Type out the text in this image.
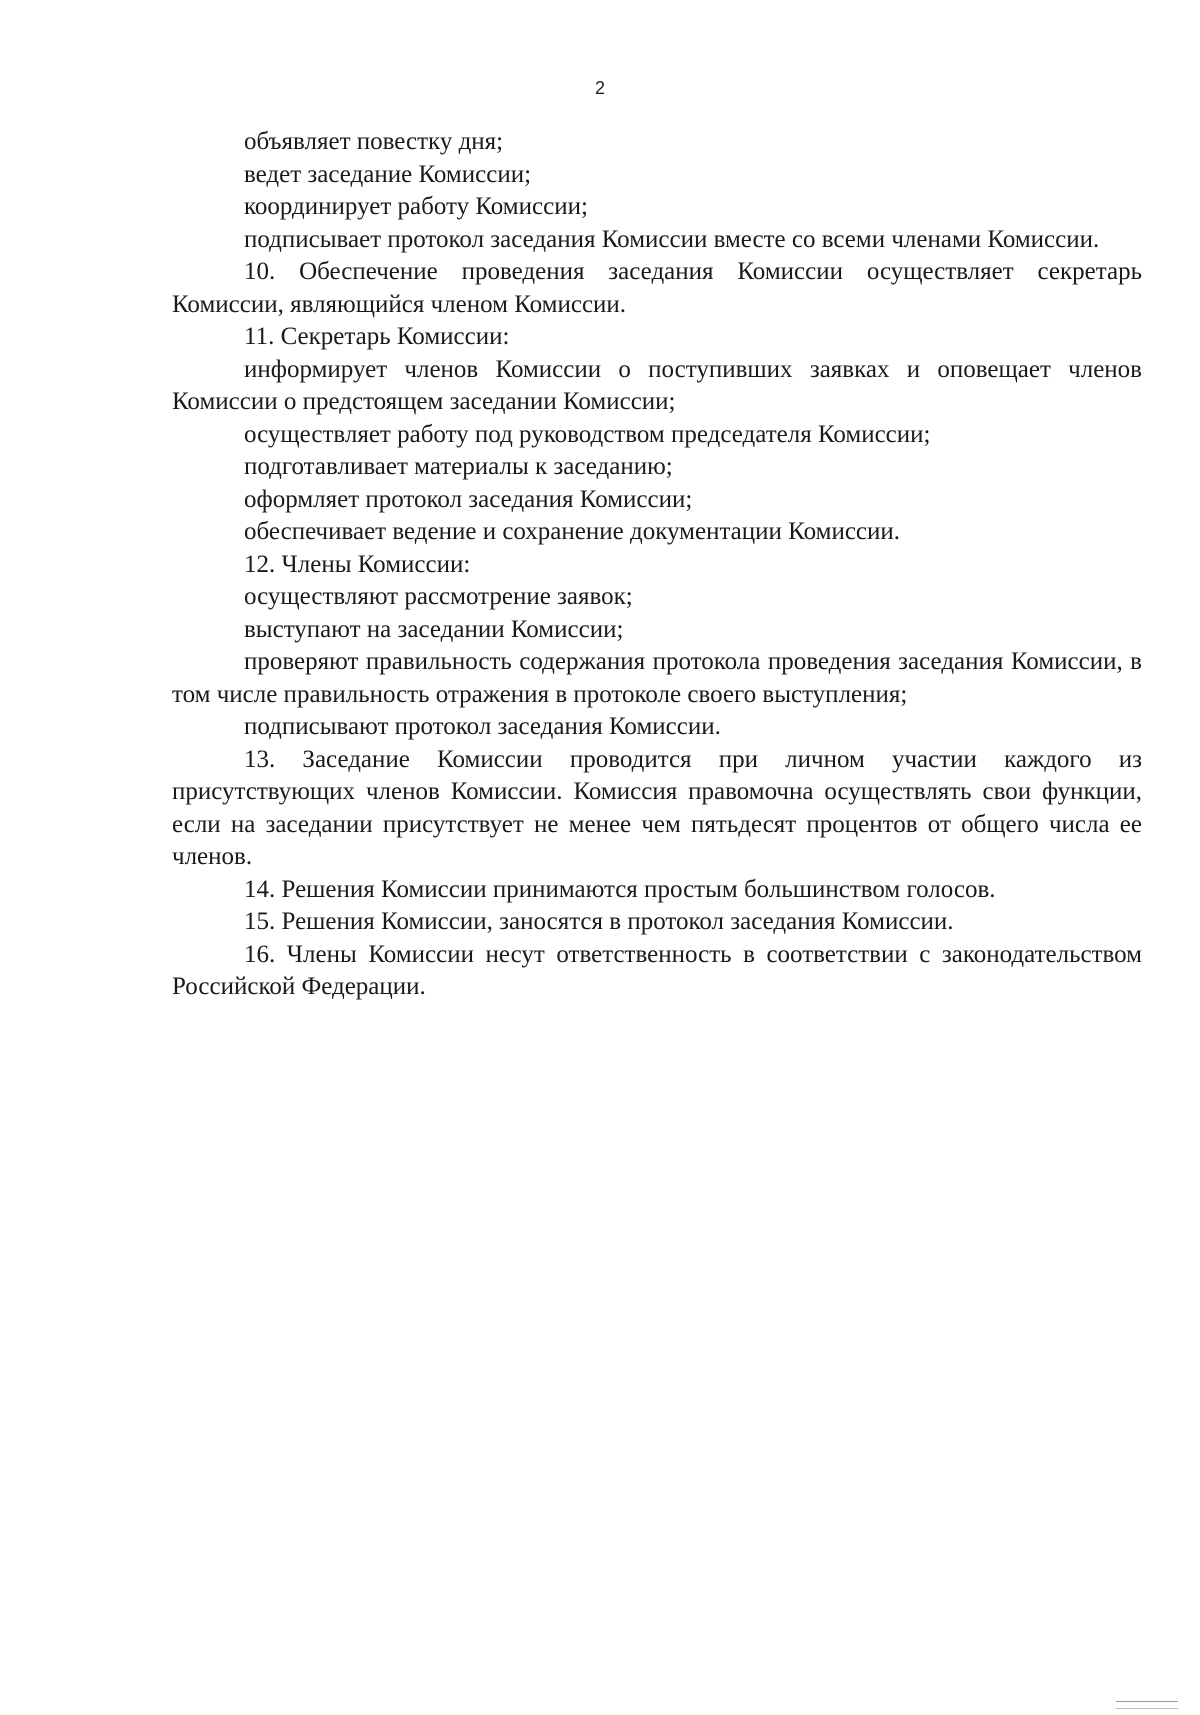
2

объявляет повестку дня;

ведет заседание Комиссии;

координирует работу Комиссии;

подписывает протокол заседания Комиссии вместе со всеми членами Комиссии.

10. Обеспечение проведения заседания Комиссии осуществляет секретарь Комиссии, являющийся членом Комиссии.

11. Секретарь Комиссии:

информирует членов Комиссии о поступивших заявках и оповещает членов Комиссии о предстоящем заседании Комиссии;

осуществляет работу под руководством председателя Комиссии;

подготавливает материалы к заседанию;

оформляет протокол заседания Комиссии;

обеспечивает ведение и сохранение документации Комиссии.

12. Члены Комиссии:

осуществляют рассмотрение заявок;

выступают на заседании Комиссии;

проверяют правильность содержания протокола проведения заседания Комиссии, в том числе правильность отражения в протоколе своего выступления;

подписывают протокол заседания Комиссии.

13. Заседание Комиссии проводится при личном участии каждого из присутствующих членов Комиссии. Комиссия правомочна осуществлять свои функции, если на заседании присутствует не менее чем пятьдесят процентов от общего числа ее членов.

14. Решения Комиссии принимаются простым большинством голосов.

15. Решения Комиссии, заносятся в протокол заседания Комиссии.

16. Члены Комиссии несут ответственность в соответствии с законодательством Российской Федерации.
